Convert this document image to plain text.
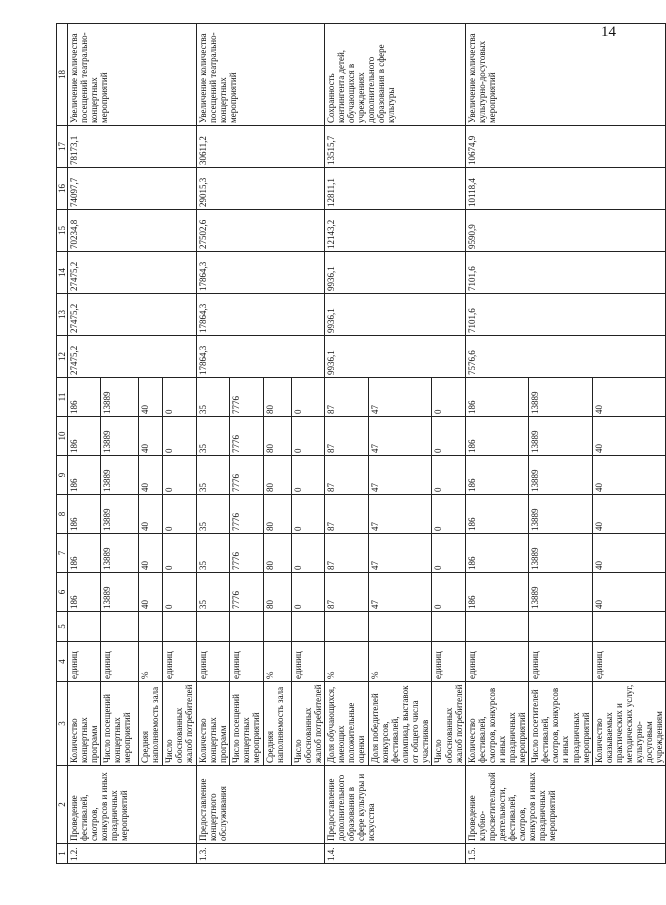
14
1	2	3	4	5	6	7	8	9	10	11	12	13	14	15	16	17	18
1.2.	Проведение фестивалей, смотров, конкурсов и иных праздничных мероприятий	Количество концертных программ	единиц		186	186	186	186	186	186	27475,2	27475,2	27475,2	70234,8	74097,7	78173,1	Увеличение количества посещений театрально-концертных мероприятий
		Число посещений концертных мероприятий	единиц		13889	13889	13889	13889	13889	13889							
		Средняя наполняемость зала	%		40	40	40	40	40	40							
		Число обоснованных жалоб потребителей	единиц		0	0	0	0	0	0							
1.3.	Предоставление концертного обслуживания	Количество концертных программ	единиц		35	35	35	35	35	35	17864,3	17864,3	17864,3	27502,6	29015,3	30611,2	Увеличение количества посещений театрально-концертных мероприятий
		Число посещений концертных мероприятий	единиц		7776	7776	7776	7776	7776	7776							
		Средняя наполняемость зала	%		80	80	80	80	80	80							
		Число обоснованных жалоб потребителей	единиц		0	0	0	0	0	0							
1.4.	Предоставление дополнительного образования в сфере культуры и искусства	Доля обучающихся, имеющих положительные оценки	%		87	87	87	87	87	87	9936,1	9936,1	9936,1	12143,2	12811,1	13515,7	Сохранность контингента детей, обучающихся в учреждениях дополнительного образования в сфере культуры
		Доля победителей конкурсов, фестивалей, олимпиад, выставок от общего числа участников	%		47	47	47	47	47	47							
		Число обоснованных жалоб потребителей	единиц		0	0	0	0	0	0							
1.5.	Проведение клубно-просветительской деятельности, фестивалей, смотров, конкурсов и иных праздничных мероприятий	Количество фестивалей, смотров, конкурсов и иных праздничных мероприятий	единиц		186	186	186	186	186	186	7576,6	7101,6	7101,6	9590,9	10118,4	10674,9	Увеличение количества культурно-досуговых мероприятий
		Число посетителей фестивалей, смотров, конкурсов и иных праздничных мероприятий	единиц		13889	13889	13889	13889	13889	13889							
		Количество оказываемых практических и методических услуг, культурно-досуговым учреждениям	единиц		40	40	40	40	40	40							
